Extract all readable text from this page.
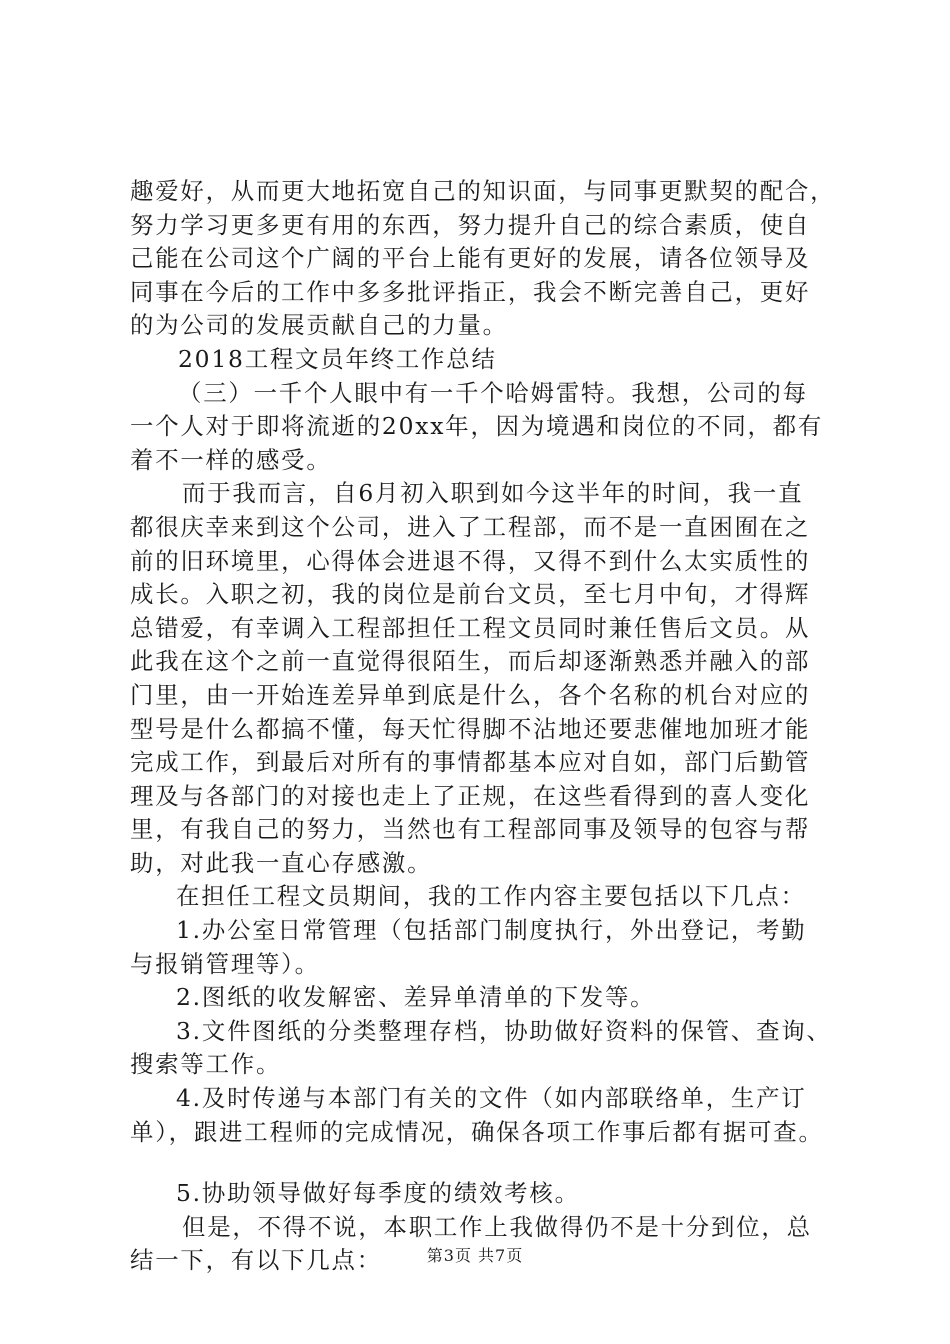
趣爱好，从而更大地拓宽自己的知识面，与同事更默契的配合，
努力学习更多更有用的东西，努力提升自己的综合素质，使自
己能在公司这个广阔的平台上能有更好的发展，请各位领导及
同事在今后的工作中多多批评指正，我会不断完善自己，更好
的为公司的发展贡献自己的力量。
2018工程文员年终工作总结
（三）一千个人眼中有一千个哈姆雷特。我想，公司的每
一个人对于即将流逝的20xx年，因为境遇和岗位的不同，都有
着不一样的感受。
而于我而言，自6月初入职到如今这半年的时间，我一直
都很庆幸来到这个公司，进入了工程部，而不是一直困囿在之
前的旧环境里，心得体会进退不得，又得不到什么太实质性的
成长。入职之初，我的岗位是前台文员，至七月中旬，才得辉
总错爱，有幸调入工程部担任工程文员同时兼任售后文员。从
此我在这个之前一直觉得很陌生，而后却逐渐熟悉并融入的部
门里，由一开始连差异单到底是什么，各个名称的机台对应的
型号是什么都搞不懂，每天忙得脚不沾地还要悲催地加班才能
完成工作，到最后对所有的事情都基本应对自如，部门后勤管
理及与各部门的对接也走上了正规，在这些看得到的喜人变化
里，有我自己的努力，当然也有工程部同事及领导的包容与帮
助，对此我一直心存感激。
在担任工程文员期间，我的工作内容主要包括以下几点：
1.办公室日常管理（包括部门制度执行，外出登记，考勤
与报销管理等）。
2.图纸的收发解密、差异单清单的下发等。
3.文件图纸的分类整理存档，协助做好资料的保管、查询、
搜索等工作。
4.及时传递与本部门有关的文件（如内部联络单，生产订
单），跟进工程师的完成情况，确保各项工作事后都有据可查。
5.协助领导做好每季度的绩效考核。
但是，不得不说，本职工作上我做得仍不是十分到位，总
结一下，有以下几点：	第3页 共7页
